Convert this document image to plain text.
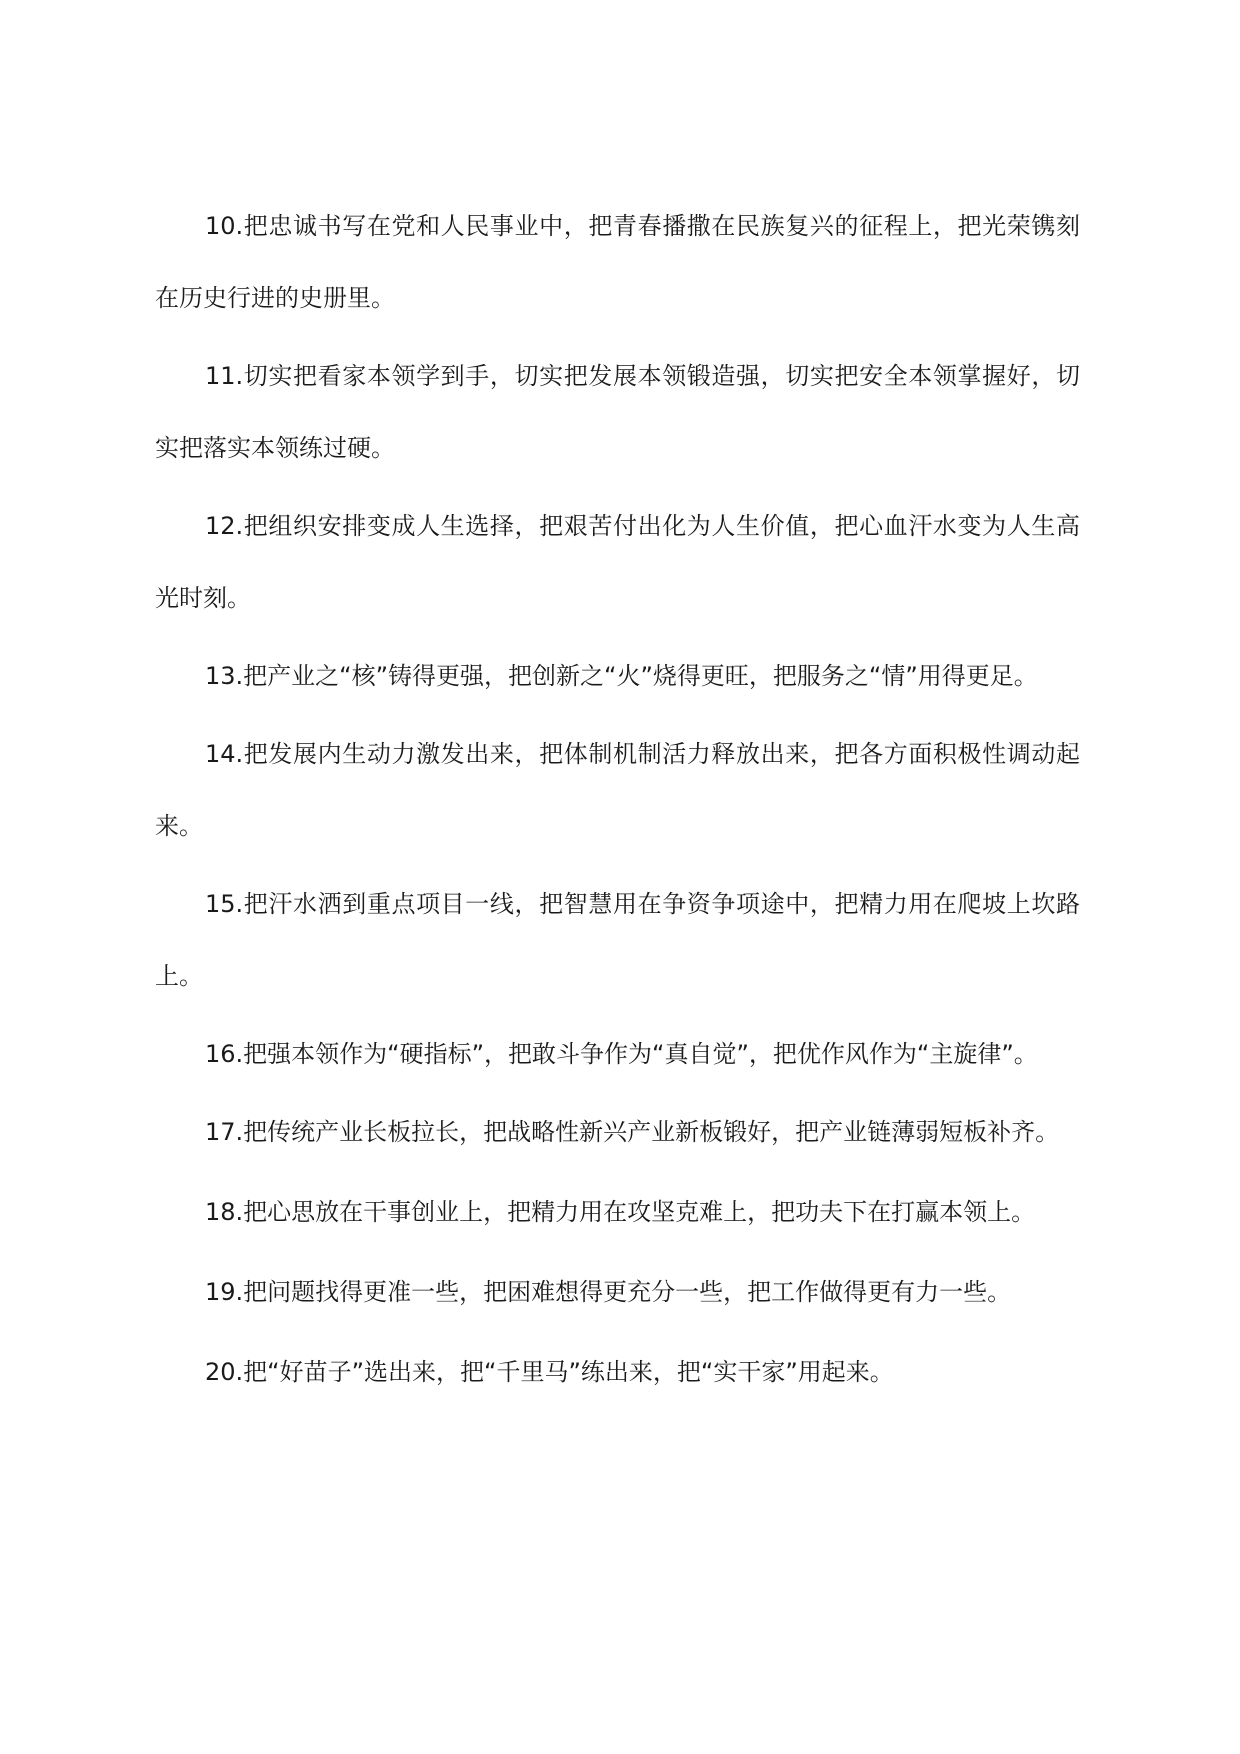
10.把忠诚书写在党和人民事业中，把青春播撒在民族复兴的征程上，把光荣镌刻在历史行进的史册里。

11.切实把看家本领学到手，切实把发展本领锻造强，切实把安全本领掌握好，切实把落实本领练过硬。

12.把组织安排变成人生选择，把艰苦付出化为人生价值，把心血汗水变为人生高光时刻。

13.把产业之“核”铸得更强，把创新之“火”烧得更旺，把服务之“情”用得更足。

14.把发展内生动力激发出来，把体制机制活力释放出来，把各方面积极性调动起来。

15.把汗水洒到重点项目一线，把智慧用在争资争项途中，把精力用在爬坡上坎路上。

16.把强本领作为“硬指标”，把敢斗争作为“真自觉”，把优作风作为“主旋律”。

17.把传统产业长板拉长，把战略性新兴产业新板锻好，把产业链薄弱短板补齐。

18.把心思放在干事创业上，把精力用在攻坚克难上，把功夫下在打赢本领上。

19.把问题找得更准一些，把困难想得更充分一些，把工作做得更有力一些。

20.把“好苗子”选出来，把“千里马”练出来，把“实干家”用起来。
